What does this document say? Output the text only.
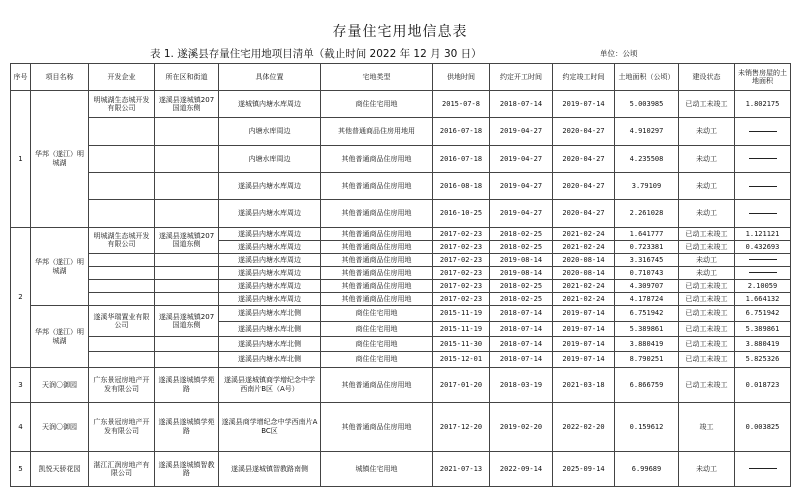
存量住宅用地信息表
表 1. 遂溪县存量住宅用地项目清单（截止时间 2022 年 12 月 30 日）	单位：公顷
序号	项目名称	开发企业	所在区和街道	具体位置	宅地类型	供地时间	约定开工时间	约定竣工时间	土地面积（公顷）	建设状态	未销售房屋的土地面积
1	华邦（遂江）明城湖	明城湖生态城开发有限公司	遂溪县遂城镇207国道东侧	遂城镇内塘水库周边	商住住宅用地	2015-07-8	2018-07-14	2019-07-14	5.003985	已动工未竣工	1.802175
				内塘水库周边	其他普通商品住房用地用	2016-07-18	2019-04-27	2020-04-27	4.910297	未动工	
				内塘水库周边	其他普通商品住房用地	2016-07-18	2019-04-27	2020-04-27	4.235508	未动工	
				遂溪县内塘水库周边	其他普通商品住房用地	2016-08-18	2019-04-27	2020-04-27	3.79109	未动工	
				遂溪县内塘水库周边	其他普通商品住房用地	2016-10-25	2019-04-27	2020-04-27	2.261028	未动工	
2	华邦（遂江）明城湖	明城湖生态城开发有限公司	遂溪县遂城镇207国道东侧	遂溪县内塘水库周边	其他普通商品住房用地	2017-02-23	2018-02-25	2021-02-24	1.641777	已动工未竣工	1.121121
				遂溪县内塘水库周边	其他普通商品住房用地	2017-02-23	2018-02-25	2021-02-24	0.723381	已动工未竣工	0.432693
				遂溪县内塘水库周边	其他普通商品住房用地	2017-02-23	2019-08-14	2020-08-14	3.316745	未动工	
				遂溪县内塘水库周边	其他普通商品住房用地	2017-02-23	2019-08-14	2020-08-14	0.710743	未动工	
				遂溪县内塘水库周边	其他普通商品住房用地	2017-02-23	2018-02-25	2021-02-24	4.309707	已动工未竣工	2.10059
				遂溪县内塘水库周边	其他普通商品住房用地	2017-02-23	2018-02-25	2021-02-24	4.178724	已动工未竣工	1.664132
	华邦（遂江）明城湖	遂溪华瑞置业有限公司	遂溪县遂城镇207国道东侧	遂溪县内塘水库北侧	商住住宅用地	2015-11-19	2018-07-14	2019-07-14	6.751942	已动工未竣工	6.751942
				遂溪县内塘水库北侧	商住住宅用地	2015-11-19	2018-07-14	2019-07-14	5.389861	已动工未竣工	5.389861
				遂溪县内塘水库北侧	商住住宅用地	2015-11-30	2018-07-14	2019-07-14	3.880419	已动工未竣工	3.880419
				遂溪县内塘水库北侧	商住住宅用地	2015-12-01	2018-07-14	2019-07-14	8.790251	已动工未竣工	5.825326
3	天润〇御园	广东景冠房地产开发有限公司	遂溪县遂城镇学苑路	遂溪县遂城镇商学增纪念中学西南片B区（A号）	其他普通商品住房用地	2017-01-20	2018-03-19	2021-03-18	6.866759	已动工未竣工	0.018723
4	天润〇御园	广东景冠房地产开发有限公司	遂溪县遂城镇学苑路	遂溪县商学增纪念中学西南片ABC区	其他普通商品住房用地	2017-12-20	2019-02-20	2022-02-20	0.159612	竣工	0.003825
5	凯悦天骄花园	湛江汇润房地产有限公司	遂溪县遂城镇智教路	遂溪县遂城镇智教路南侧	城镇住宅用地	2021-07-13	2022-09-14	2025-09-14	6.99689	未动工	
